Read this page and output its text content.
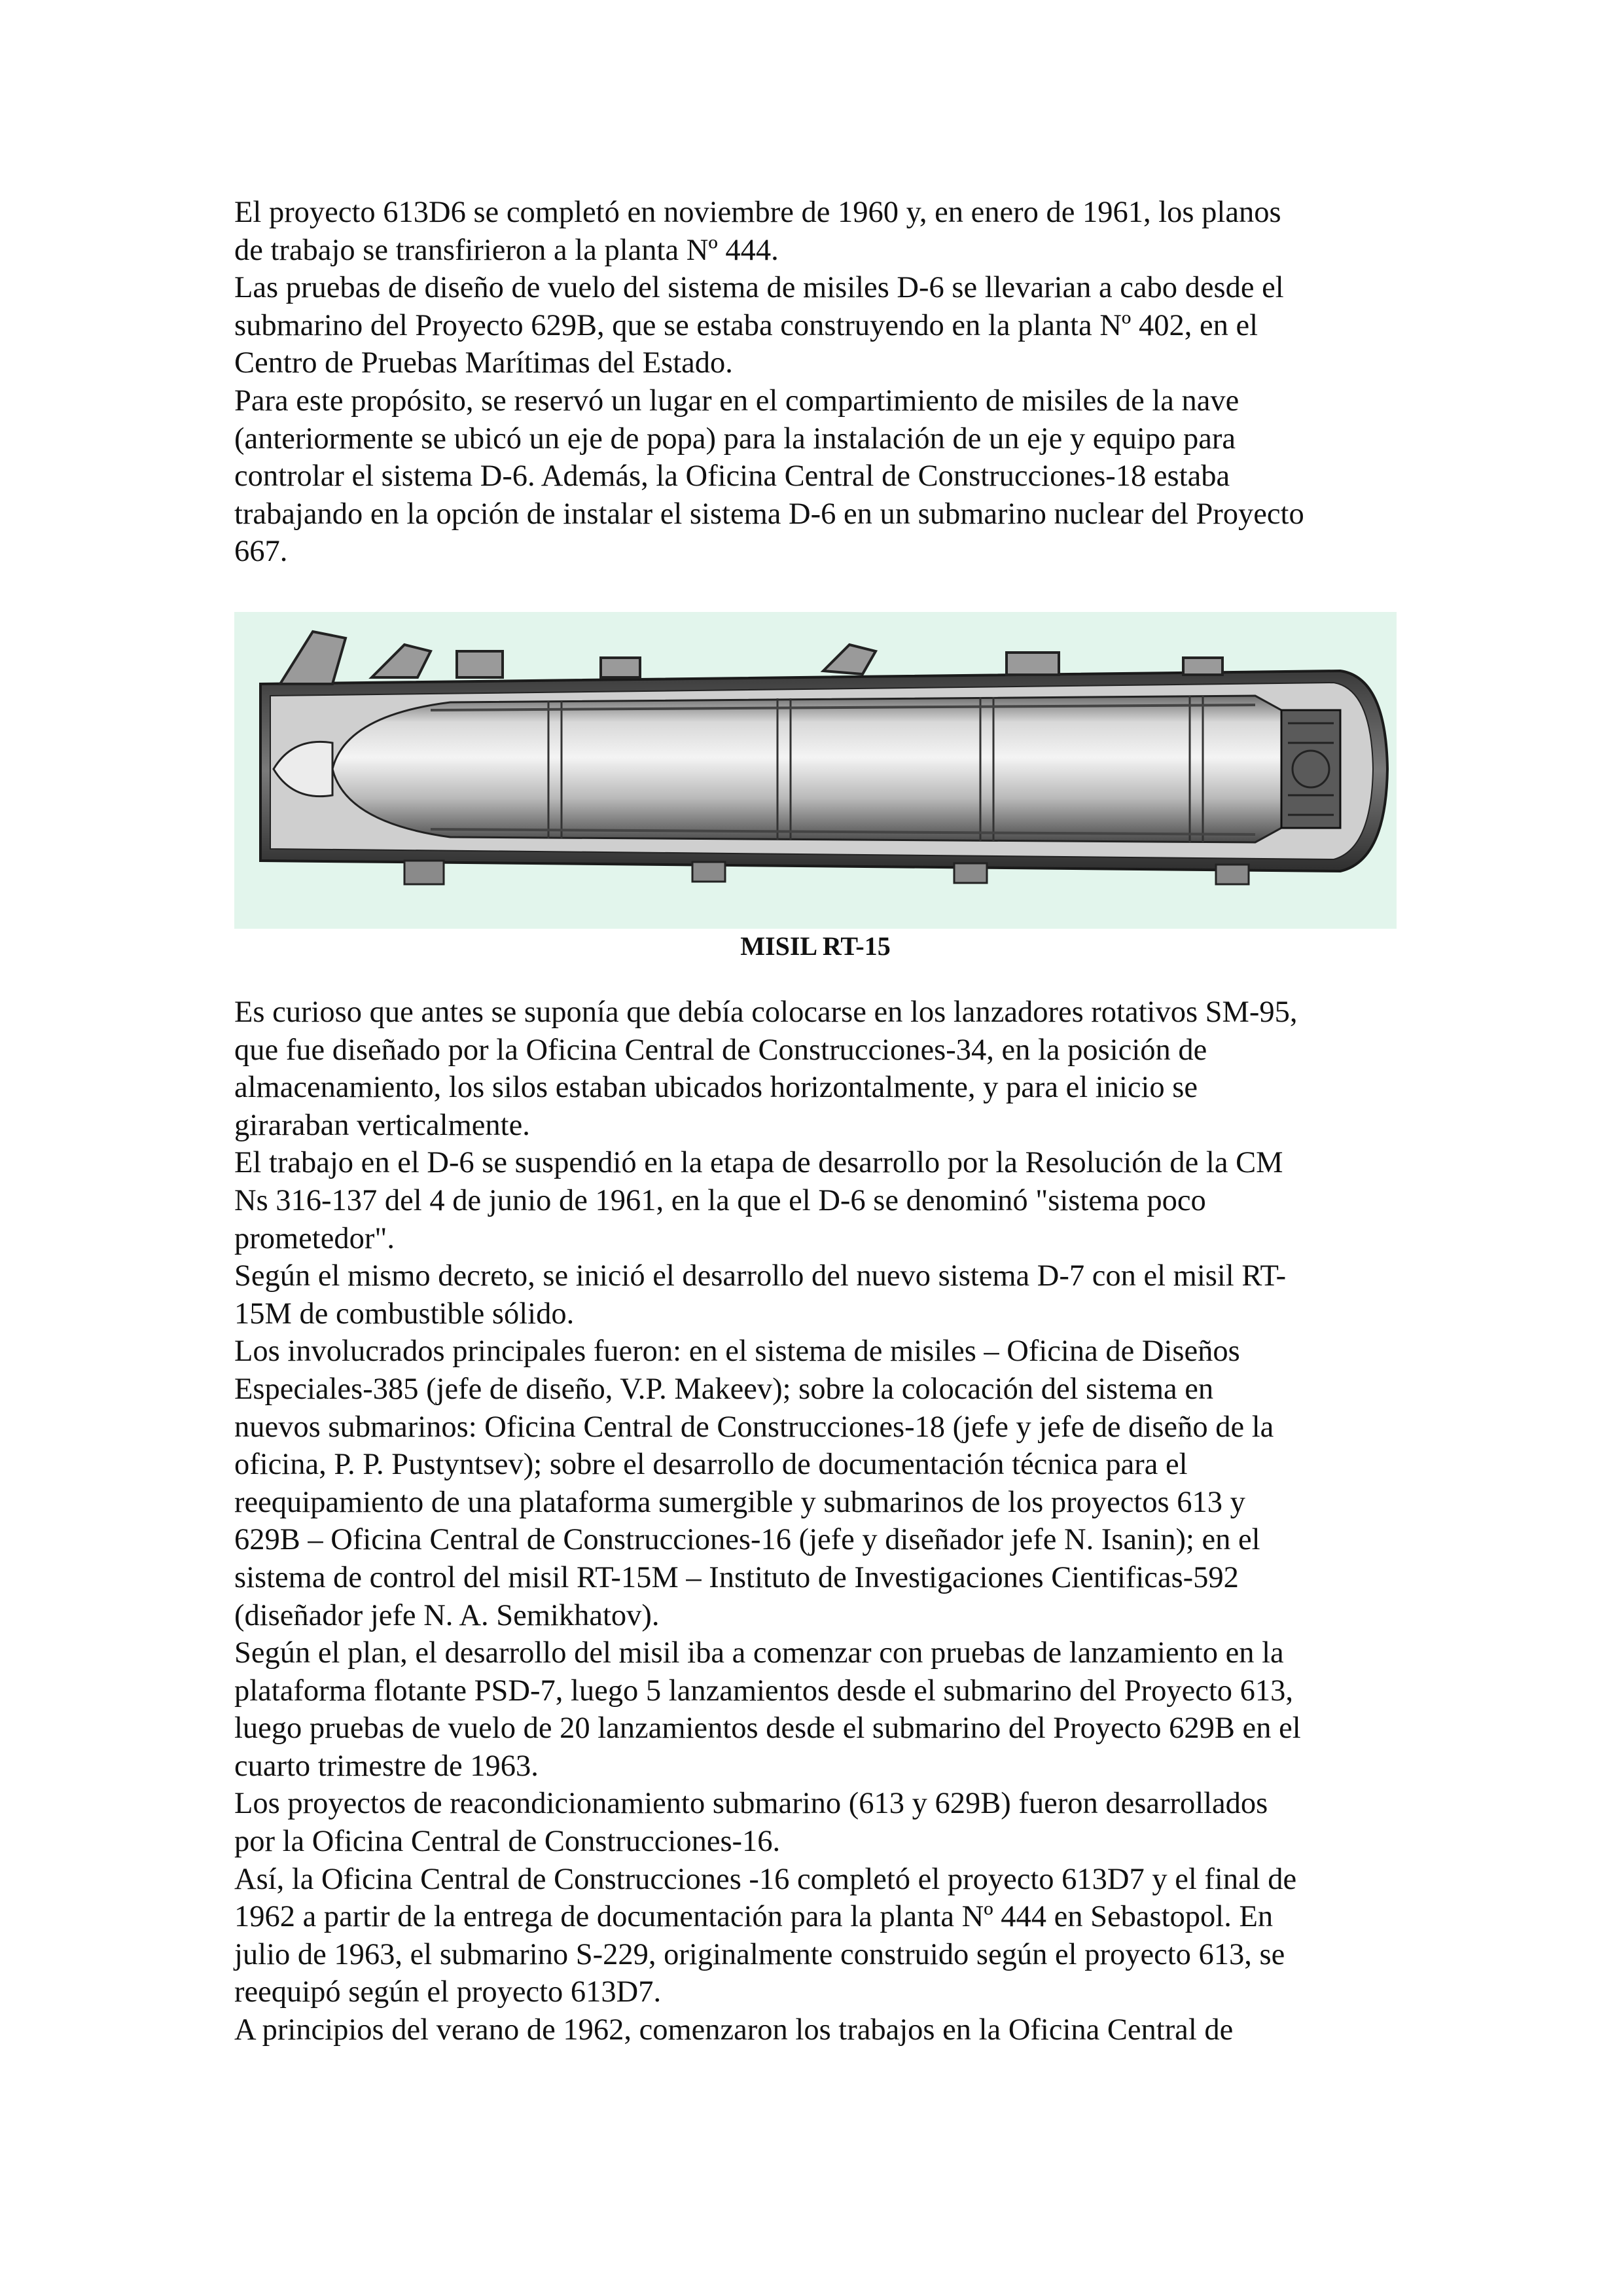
El proyecto 613D6 se completó en noviembre de 1960 y, en enero de 1961, los planos

de trabajo se transfirieron a la planta Nº 444.

Las pruebas de diseño de vuelo del sistema de misiles D-6 se llevarian a cabo desde el

submarino del Proyecto 629B, que se estaba construyendo en la planta Nº 402, en el

Centro de Pruebas Marítimas del Estado.

Para este propósito, se reservó un lugar en el compartimiento de misiles de la nave

(anteriormente se ubicó un eje de popa) para la instalación de un eje y equipo para

controlar el sistema D-6. Además, la Oficina Central de Construcciones-18 estaba

trabajando en la opción de instalar el sistema D-6 en un submarino nuclear del Proyecto

667.

MISIL RT-15

Es curioso que antes se suponía que debía colocarse en los lanzadores rotativos SM-95,

que fue diseñado por la Oficina Central de Construcciones-34, en la posición de

almacenamiento, los silos estaban ubicados horizontalmente, y para el inicio se

giraraban verticalmente.

El trabajo en el D-6 se suspendió en la etapa de desarrollo por la Resolución de la CM

Ns 316-137 del 4 de junio de 1961, en la que el D-6 se denominó "sistema poco

prometedor".

Según el mismo decreto, se inició el desarrollo del nuevo sistema D-7 con el misil RT-

15M de combustible sólido.

Los involucrados principales fueron: en el sistema de misiles – Oficina de Diseños

Especiales-385 (jefe de diseño, V.P. Makeev); sobre la colocación del sistema en

nuevos submarinos: Oficina Central de Construcciones-18 (jefe y jefe de diseño de la

oficina, P. P. Pustyntsev); sobre el desarrollo de documentación técnica para el

reequipamiento de una plataforma sumergible y submarinos de los proyectos 613 y

629B – Oficina Central de Construcciones-16 (jefe y diseñador jefe N. Isanin); en el

sistema de control del misil RT-15M – Instituto de Investigaciones Cientificas-592

(diseñador jefe N. A. Semikhatov).

Según el plan, el desarrollo del misil iba a comenzar con pruebas de lanzamiento en la

plataforma flotante PSD-7, luego 5 lanzamientos desde el submarino del Proyecto 613,

luego pruebas de vuelo de 20 lanzamientos desde el submarino del Proyecto 629B en el

cuarto trimestre de 1963.

Los proyectos de reacondicionamiento submarino (613 y 629B) fueron desarrollados

por la Oficina Central de Construcciones-16.

Así, la Oficina Central de Construcciones -16 completó el proyecto 613D7 y el final de

1962 a partir de la entrega de documentación para la planta Nº 444 en Sebastopol. En

julio de 1963, el submarino S-229, originalmente construido según el proyecto 613, se

reequipó según el proyecto 613D7.

A principios del verano de 1962, comenzaron los trabajos en la Oficina Central de
